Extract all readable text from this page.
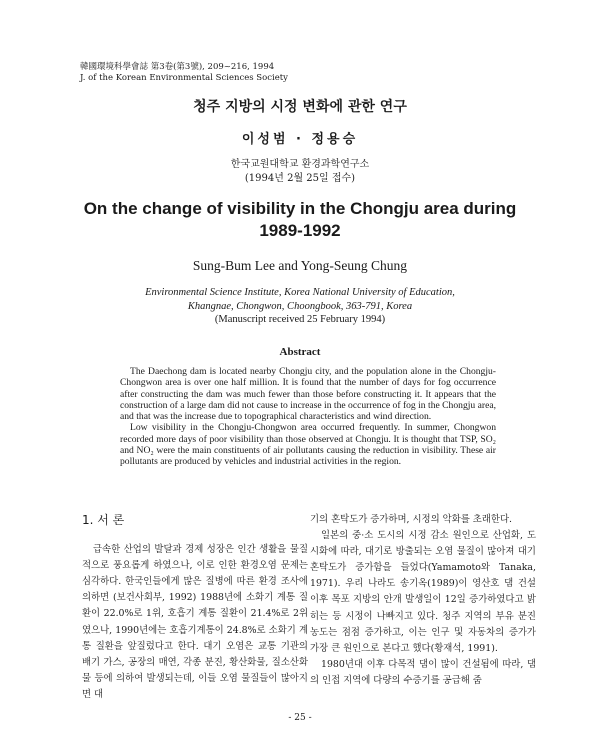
韓國環境科學會誌 第3卷(第3號), 209~216, 1994
J. of the Korean Environmental Sciences Society
청주 지방의 시정 변화에 관한 연구
이성범 · 정용승
한국교원대학교 환경과학연구소
(1994년 2월 25일 접수)
On the change of visibility in the Chongju area during
1989-1992
Sung-Bum Lee and Yong-Seung Chung
Environmental Science Institute, Korea National University of Education,
Khangnae, Chongwon, Choongbook, 363-791, Korea
(Manuscript received 25 February 1994)
Abstract

The Daechong dam is located nearby Chongju city, and the population alone in the Chongju- Chongwon area is over one half million. It is found that the number of days for fog occurrence after constructing the dam was much fewer than those before constructing it. It appears that the construction of a large dam did not cause to increase in the occurrence of fog in the Chongju area, and that was the increase due to topographical characteristics and wind direction.

Low visibility in the Chongju-Chongwon area occurred frequently. In summer, Chongwon recorded more days of poor visibility than those observed at Chongju. It is thought that TSP, SO₂ and NO₂ were the main constituents of air pollutants causing the reduction in visibility. These air pollutants are produced by vehicles and industrial activities in the region.

1. 서 론

급속한 산업의 발달과 경제 성장은 인간 생활을 물질적으로 풍요롭게 하였으나, 이로 인한 환경오염 문제는 심각하다. 한국인들에게 많은 질병에 따른 환경 조사에 의하면 (보건사회부, 1992) 1988년에 소화기 계통 질환이 22.0%로 1위, 호흡기 계통 질환이 21.4%로 2위였으나, 1990년에는 호흡기계통이 24.8%로 소화기 계통 질환을 앞질렀다고 한다. 대기 오염은 교통 기관의 배기 가스, 공장의 매연, 각종 분진, 황산화물, 질소산화물 등에 의하여 발생되는데, 이들 오염 물질들이 많아지면 대

기의 혼탁도가 증가하며, 시정의 악화를 초래한다.

일본의 중·소 도시의 시정 감소 원인으로 산업화, 도시화에 따라, 대기로 방출되는 오염 물질이 많아져 대기 혼탁도가 증가함을 들었다(Yamamoto와 Tanaka, 1971). 우리 나라도 송기옥(1989)이 영산호 댐 건설 이후 목포 지방의 안개 발생일이 12일 증가하였다고 밝히는 등 시정이 나빠지고 있다. 청주 지역의 부유 분진 농도는 점점 증가하고, 이는 인구 및 자동차의 증가가 가장 큰 원인으로 본다고 했다(황재석, 1991).

1980년대 이후 다목적 댐이 많이 건설됨에 따라, 댐의 인접 지역에 다량의 수증기를 공급해 줌

- 25 -
